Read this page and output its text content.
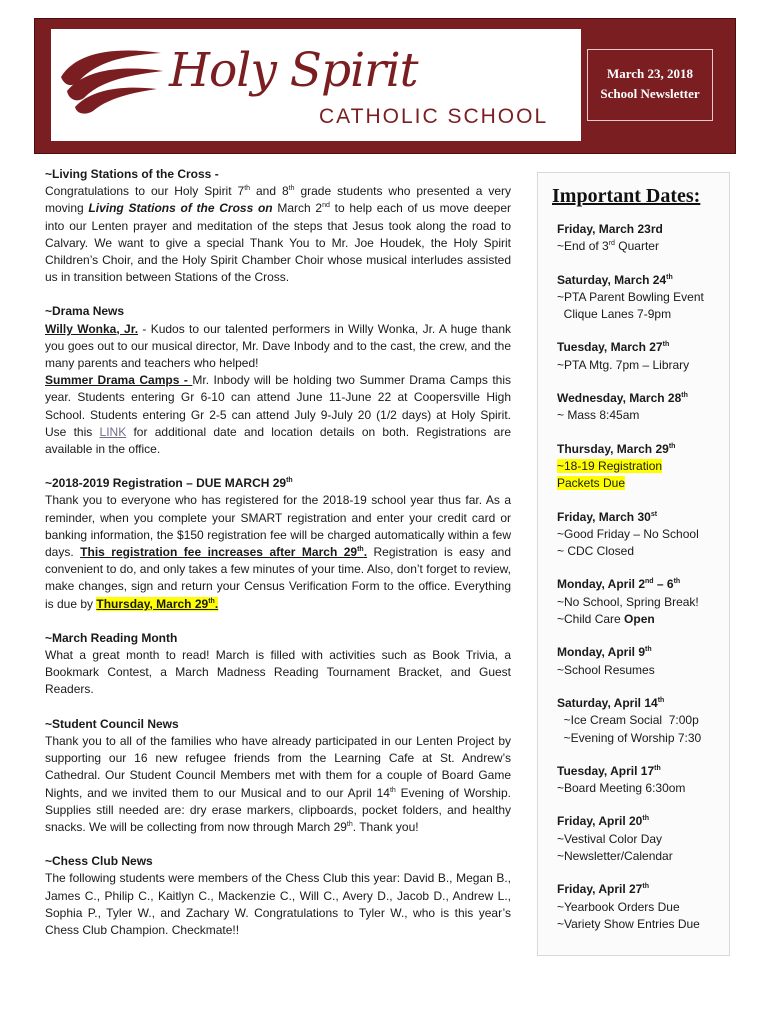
Holy Spirit
CATHOLIC SCHOOL
March 23, 2018
School Newsletter

~Living Stations of the Cross -

Congratulations to our Holy Spirit 7th and 8th grade students who presented a very moving Living Stations of the Cross on March 2nd to help each of us move deeper into our Lenten prayer and meditation of the steps that Jesus took along the road to Calvary. We want to give a special Thank You to Mr. Joe Houdek, the Holy Spirit Children’s Choir, and the Holy Spirit Chamber Choir whose musical interludes assisted us in transition between Stations of the Cross.

~Drama News

Willy Wonka, Jr. - Kudos to our talented performers in Willy Wonka, Jr. A huge thank you goes out to our musical director, Mr. Dave Inbody and to the cast, the crew, and the many parents and teachers who helped!

Summer Drama Camps - Mr. Inbody will be holding two Summer Drama Camps this year. Students entering Gr 6-10 can attend June 11-June 22 at Coopersville High School. Students entering Gr 2-5 can attend July 9-July 20 (1/2 days) at Holy Spirit. Use this LINK for additional date and location details on both. Registrations are available in the office.

~2018-2019 Registration – DUE MARCH 29th

Thank you to everyone who has registered for the 2018-19 school year thus far. As a reminder, when you complete your SMART registration and enter your credit card or banking information, the $150 registration fee will be charged automatically within a few days. This registration fee increases after March 29th. Registration is easy and convenient to do, and only takes a few minutes of your time. Also, don’t forget to review, make changes, sign and return your Census Verification Form to the office. Everything is due by Thursday, March 29th.

~March Reading Month

What a great month to read! March is filled with activities such as Book Trivia, a Bookmark Contest, a March Madness Reading Tournament Bracket, and Guest Readers.

~Student Council News

Thank you to all of the families who have already participated in our Lenten Project by supporting our 16 new refugee friends from the Learning Cafe at St. Andrew’s Cathedral. Our Student Council Members met with them for a couple of Board Game Nights, and we invited them to our Musical and to our April 14th Evening of Worship. Supplies still needed are: dry erase markers, clipboards, pocket folders, and healthy snacks. We will be collecting from now through March 29th. Thank you!

~Chess Club News

The following students were members of the Chess Club this year: David B., Megan B., James C., Philip C., Kaitlyn C., Mackenzie C., Will C., Avery D., Jacob D., Andrew L., Sophia P., Tyler W., and Zachary W. Congratulations to Tyler W., who is this year’s Chess Club Champion. Checkmate!!

Important Dates:
Friday, March 23rd
~End of 3rd Quarter
Saturday, March 24th
~PTA Parent Bowling Event
Clique Lanes 7-9pm
Tuesday, March 27th
~PTA Mtg. 7pm – Library
Wednesday, March 28th
~ Mass 8:45am
Thursday, March 29th
~18-19 Registration
Packets Due
Friday, March 30st
~Good Friday – No School
~ CDC Closed
Monday, April 2nd – 6th
~No School, Spring Break!
~Child Care Open
Monday, April 9th
~School Resumes
Saturday, April 14th
~Ice Cream Social  7:00p
~Evening of Worship 7:30
Tuesday, April 17th
~Board Meeting 6:30om
Friday, April 20th
~Vestival Color Day
~Newsletter/Calendar
Friday, April 27th
~Yearbook Orders Due
~Variety Show Entries Due
